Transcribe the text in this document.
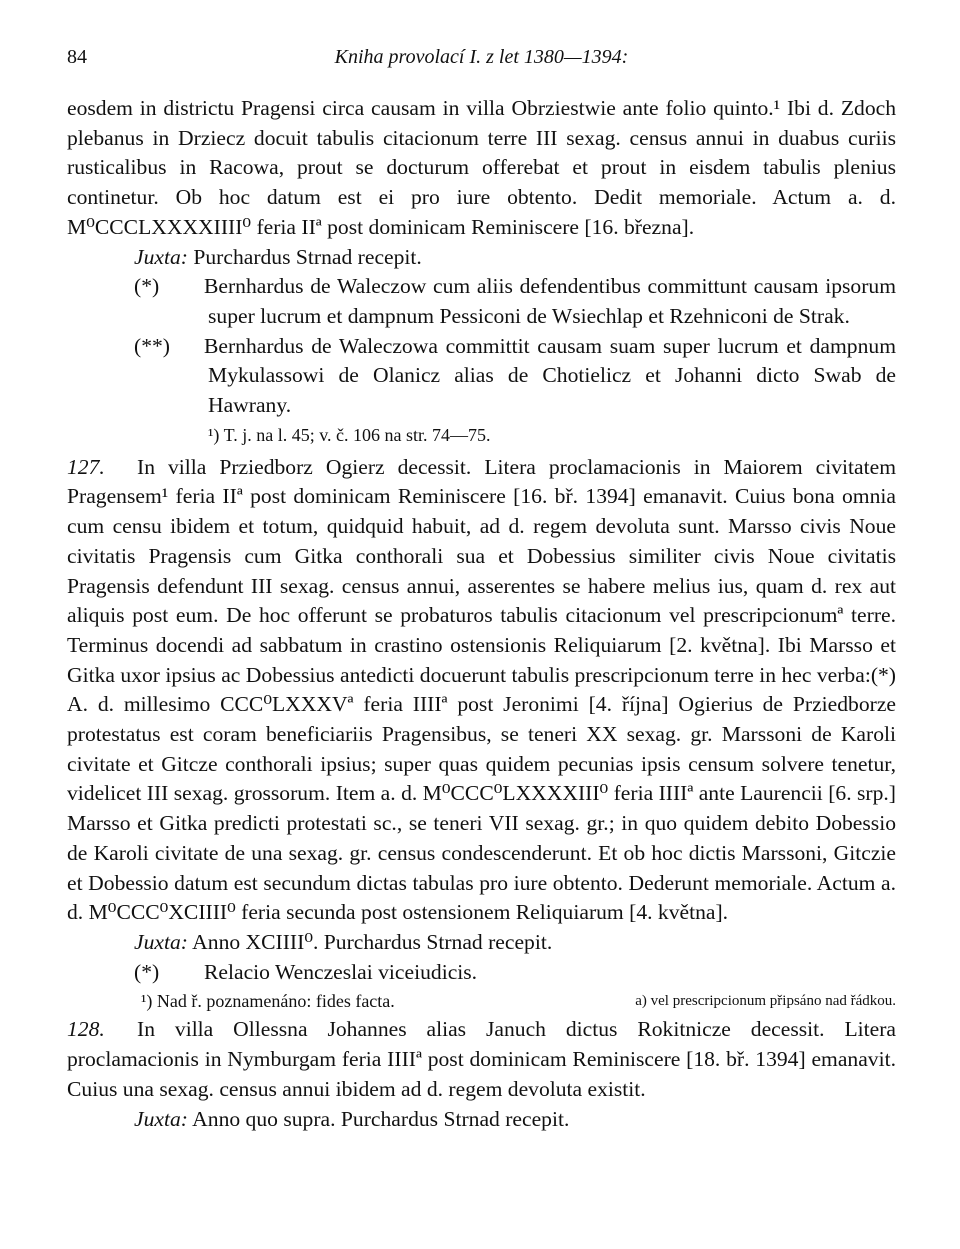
84	Kniha provolací I. z let 1380—1394:

eosdem in districtu Pragensi circa causam in villa Obrziestwie ante folio quinto.¹ Ibi d. Zdoch plebanus in Drziecz docuit tabulis citacionum terre III sexag. census annui in duabus curiis rusticalibus in Racowa, prout se docturum offerebat et prout in eisdem tabulis plenius continetur. Ob hoc datum est ei pro iure obtento. Dedit memoriale. Actum a. d. M⁰CCCLXXXXIIII⁰ feria IIª post dominicam Reminiscere [16. března].

Juxta: Purchardus Strnad recepit.

(*) Bernhardus de Waleczow cum aliis defendentibus committunt causam ipsorum super lucrum et dampnum Pessiconi de Wsiechlap et Rzehniconi de Strak.

(**) Bernhardus de Waleczowa committit causam suam super lucrum et dampnum Mykulassowi de Olanicz alias de Chotielicz et Johanni dicto Swab de Hawrany.

¹) T. j. na l. 45; v. č. 106 na str. 74—75.

127. In villa Prziedborz Ogierz decessit. Litera proclamacionis in Maiorem civitatem Pragensem¹ feria IIª post dominicam Reminiscere [16. bř. 1394] emanavit. Cuius bona omnia cum censu ibidem et totum, quidquid habuit, ad d. regem devoluta sunt. Marsso civis Noue civitatis Pragensis cum Gitka conthorali sua et Dobessius similiter civis Noue civitatis Pragensis defendunt III sexag. census annui, asserentes se habere melius ius, quam d. rex aut aliquis post eum. De hoc offerunt se probaturos tabulis citacionum vel prescripcionumª terre. Terminus docendi ad sabbatum in crastino ostensionis Reliquiarum [2. května]. Ibi Marsso et Gitka uxor ipsius ac Dobessius antedicti docuerunt tabulis prescripcionum terre in hec verba:(*) A. d. millesimo CCC⁰LXXXVª feria IIIIª post Jeronimi [4. října] Ogierius de Prziedborze protestatus est coram beneficiariis Pragensibus, se teneri XX sexag. gr. Marssoni de Karoli civitate et Gitcze conthorali ipsius; super quas quidem pecunias ipsis censum solvere tenetur, videlicet III sexag. grossorum. Item a. d. M⁰CCC⁰LXXXXIII⁰ feria IIIIª ante Laurencii [6. srp.] Marsso et Gitka predicti protestati sc., se teneri VII sexag. gr.; in quo quidem debito Dobessio de Karoli civitate de una sexag. gr. census condescenderunt. Et ob hoc dictis Marssoni, Gitczie et Dobessio datum est secundum dictas tabulas pro iure obtento. Dederunt memoriale. Actum a. d. M⁰CCC⁰XCIIII⁰ feria secunda post ostensionem Reliquiarum [4. května].

Juxta: Anno XCIIII⁰. Purchardus Strnad recepit.

(*) Relacio Wenczeslai viceiudicis.

¹) Nad ř. poznamenáno: fides facta.	a) vel prescripcionum připsáno nad řádkou.

128. In villa Ollessna Johannes alias Januch dictus Rokitnicze decessit. Litera proclamacionis in Nymburgam feria IIIIª post dominicam Reminiscere [18. bř. 1394] emanavit. Cuius una sexag. census annui ibidem ad d. regem devoluta existit.

Juxta: Anno quo supra. Purchardus Strnad recepit.
